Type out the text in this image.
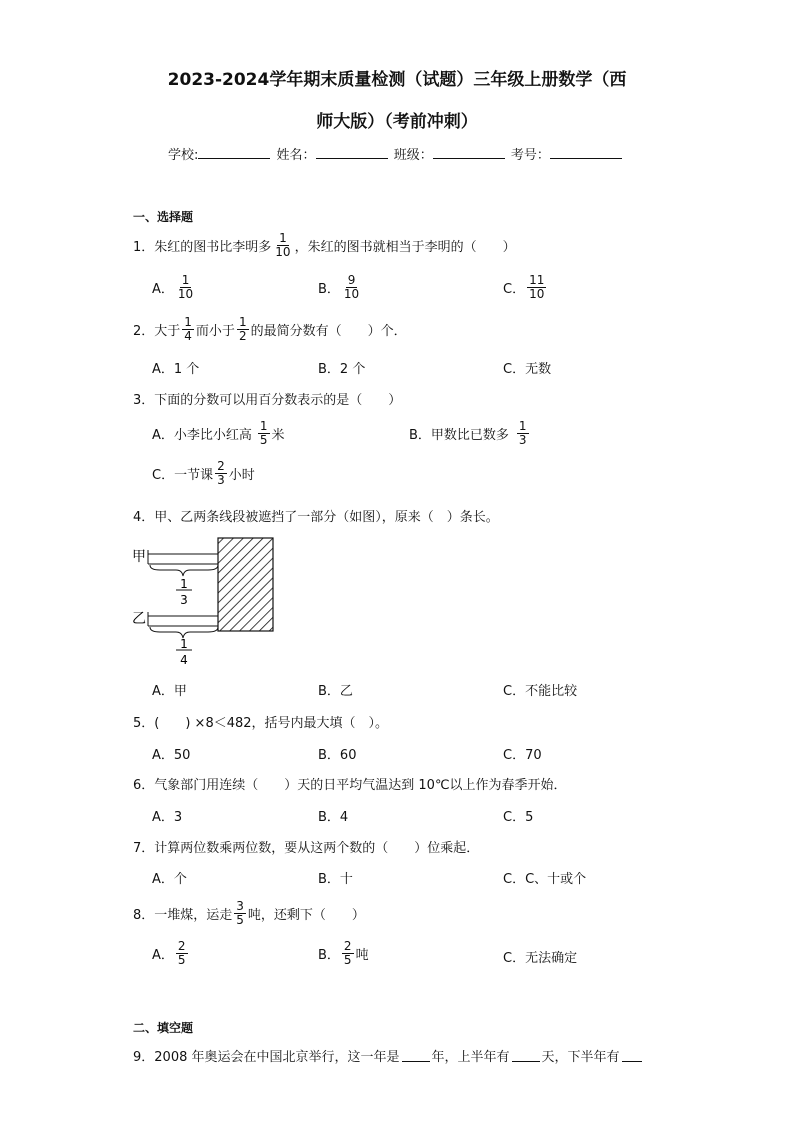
2023-2024学年期末质量检测（试题）三年级上册数学（西
师大版）（考前冲刺）
学校:	姓名：	班级：	考号：
一、选择题
1．朱红的图书比李明多 $\frac{1}{10}$ ，朱红的图书就相当于李明的（　　）
A． $\frac{1}{10}$	B． $\frac{9}{10}$	C． $\frac{11}{10}$
2．大于 $\frac{1}{4}$ 而小于 $\frac{1}{2}$ 的最简分数有（　　）个．
A．1 个	B．2 个	C．无数
3．下面的分数可以用百分数表示的是（　　）
A．小李比小红高 $\frac{1}{5}$ 米	B．甲数比已数多 $\frac{1}{3}$
C．一节课 $\frac{2}{3}$ 小时
4．甲、乙两条线段被遮挡了一部分（如图），原来（　）条长。
甲
乙
1
3
1
4
A．甲	B．乙	C．不能比较
5．(　　) ×8＜482，括号内最大填（　）。
A．50	B．60	C．70
6．气象部门用连续（　　）天的日平均气温达到 10℃以上作为春季开始．
A．3	B．4	C．5
7．计算两位数乘两位数，要从这两个数的（　　）位乘起．
A．个	B．十	C．C、十或个
8．一堆煤，运走 $\frac{3}{5}$ 吨，还剩下（　　）
A． $\frac{2}{5}$	B． $\frac{2}{5}$ 吨	C．无法确定
二、填空题
9．2008 年奥运会在中国北京举行，这一年是 年，上半年有 天，下半年有
